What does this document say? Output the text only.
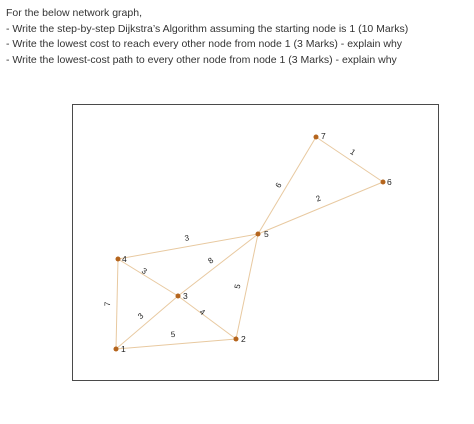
For the below network graph,

- Write the step-by-step Dijkstra’s Algorithm assuming the starting node is 1 (10 Marks)

- Write the lowest cost to reach every other node from node 1 (3 Marks) - explain why

- Write the lowest-cost path to every other node from node 1 (3 Marks) - explain why

7
3
5
3
3
8
4
5
6
2
1
1
2
3
4
5
6
7
